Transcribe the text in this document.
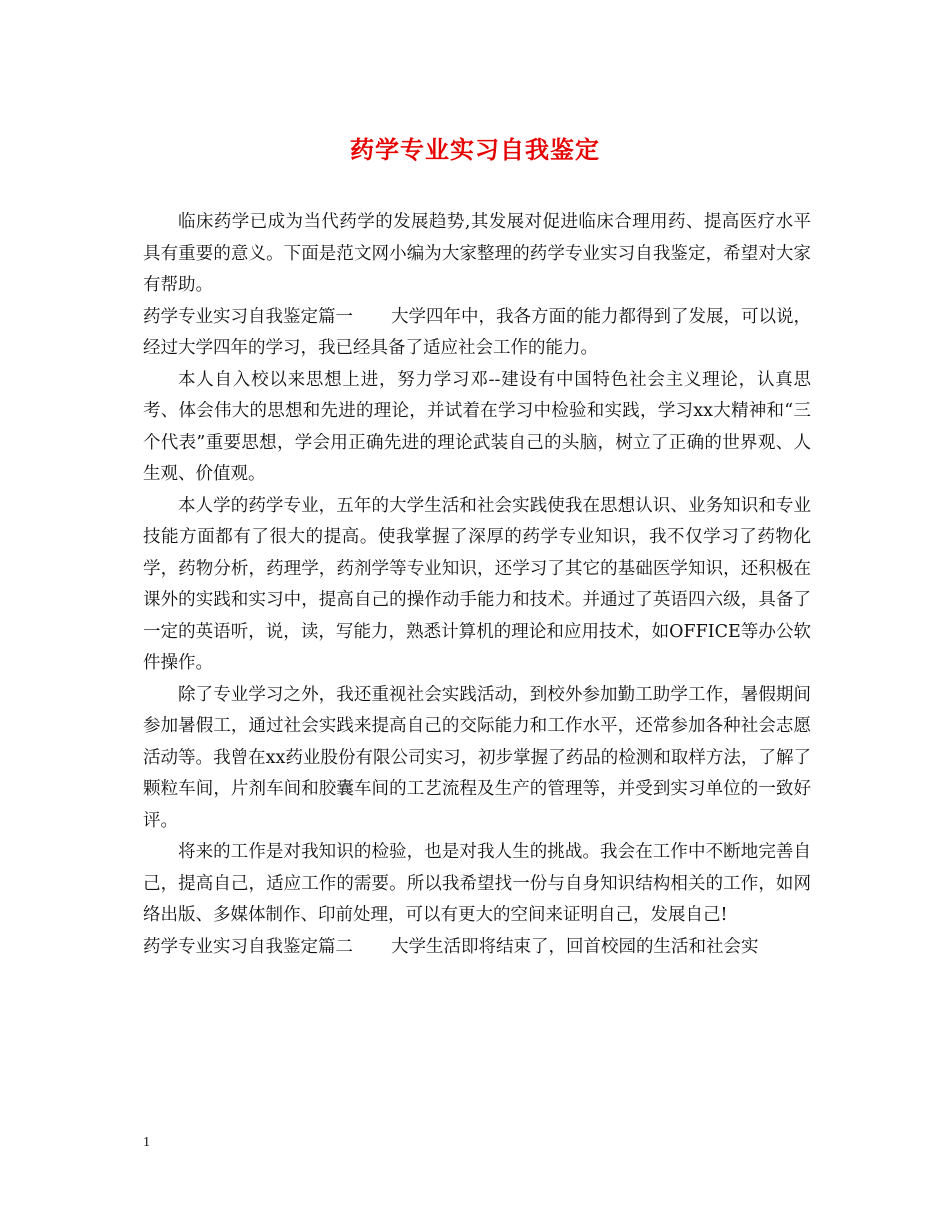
药学专业实习自我鉴定

临床药学已成为当代药学的发展趋势,其发展对促进临床合理用药、提高医疗水平具有重要的意义。下面是范文网小编为大家整理的药学专业实习自我鉴定，希望对大家有帮助。

药学专业实习自我鉴定篇一 大学四年中，我各方面的能力都得到了发展，可以说，经过大学四年的学习，我已经具备了适应社会工作的能力。

本人自入校以来思想上进，努力学习邓--建设有中国特色社会主义理论，认真思考、体会伟大的思想和先进的理论，并试着在学习中检验和实践，学习xx大精神和“三个代表”重要思想，学会用正确先进的理论武装自己的头脑，树立了正确的世界观、人生观、价值观。

本人学的药学专业，五年的大学生活和社会实践使我在思想认识、业务知识和专业技能方面都有了很大的提高。使我掌握了深厚的药学专业知识，我不仅学习了药物化学，药物分析，药理学，药剂学等专业知识，还学习了其它的基础医学知识，还积极在课外的实践和实习中，提高自己的操作动手能力和技术。并通过了英语四六级，具备了一定的英语听，说，读，写能力，熟悉计算机的理论和应用技术，如OFFICE等办公软件操作。

除了专业学习之外，我还重视社会实践活动，到校外参加勤工助学工作，暑假期间参加暑假工，通过社会实践来提高自己的交际能力和工作水平，还常参加各种社会志愿活动等。我曾在xx药业股份有限公司实习，初步掌握了药品的检测和取样方法，了解了颗粒车间，片剂车间和胶囊车间的工艺流程及生产的管理等，并受到实习单位的一致好评。

将来的工作是对我知识的检验，也是对我人生的挑战。我会在工作中不断地完善自己，提高自己，适应工作的需要。所以我希望找一份与自身知识结构相关的工作，如网络出版、多媒体制作、印前处理，可以有更大的空间来证明自己，发展自己!

药学专业实习自我鉴定篇二 大学生活即将结束了，回首校园的生活和社会实

1
